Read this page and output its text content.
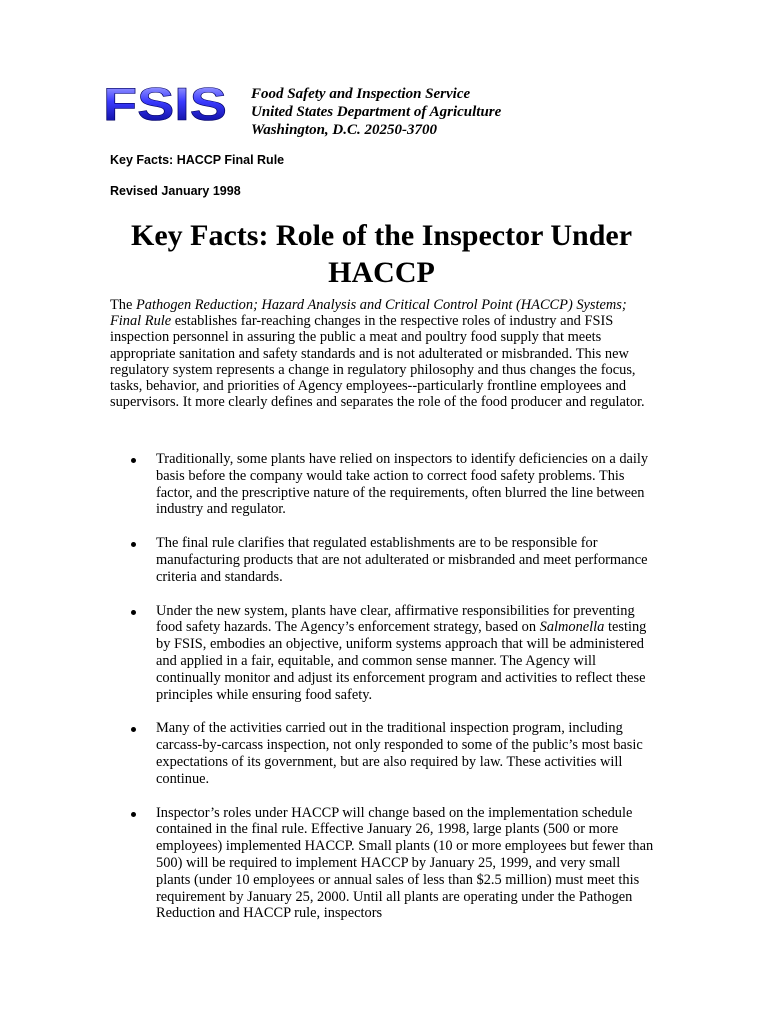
FSIS Food Safety and Inspection Service
United States Department of Agriculture
Washington, D.C. 20250-3700
Key Facts: HACCP Final Rule
Revised January 1998
Key Facts: Role of the Inspector Under
HACCP

The Pathogen Reduction; Hazard Analysis and Critical Control Point (HACCP) Systems; Final Rule establishes far-reaching changes in the respective roles of industry and FSIS inspection personnel in assuring the public a meat and poultry food supply that meets appropriate sanitation and safety standards and is not adulterated or misbranded. This new regulatory system represents a change in regulatory philosophy and thus changes the focus, tasks, behavior, and priorities of Agency employees--particularly frontline employees and supervisors. It more clearly defines and separates the role of the food producer and regulator.

Traditionally, some plants have relied on inspectors to identify deficiencies on a daily basis before the company would take action to correct food safety problems. This factor, and the prescriptive nature of the requirements, often blurred the line between industry and regulator.
The final rule clarifies that regulated establishments are to be responsible for manufacturing products that are not adulterated or misbranded and meet performance criteria and standards.
Under the new system, plants have clear, affirmative responsibilities for preventing food safety hazards. The Agency’s enforcement strategy, based on Salmonella testing by FSIS, embodies an objective, uniform systems approach that will be administered and applied in a fair, equitable, and common sense manner. The Agency will continually monitor and adjust its enforcement program and activities to reflect these principles while ensuring food safety.
Many of the activities carried out in the traditional inspection program, including carcass-by-carcass inspection, not only responded to some of the public’s most basic expectations of its government, but are also required by law. These activities will continue.
Inspector’s roles under HACCP will change based on the implementation schedule contained in the final rule. Effective January 26, 1998, large plants (500 or more employees) implemented HACCP. Small plants (10 or more employees but fewer than 500) will be required to implement HACCP by January 25, 1999, and very small plants (under 10 employees or annual sales of less than $2.5 million) must meet this requirement by January 25, 2000. Until all plants are operating under the Pathogen Reduction and HACCP rule, inspectors
